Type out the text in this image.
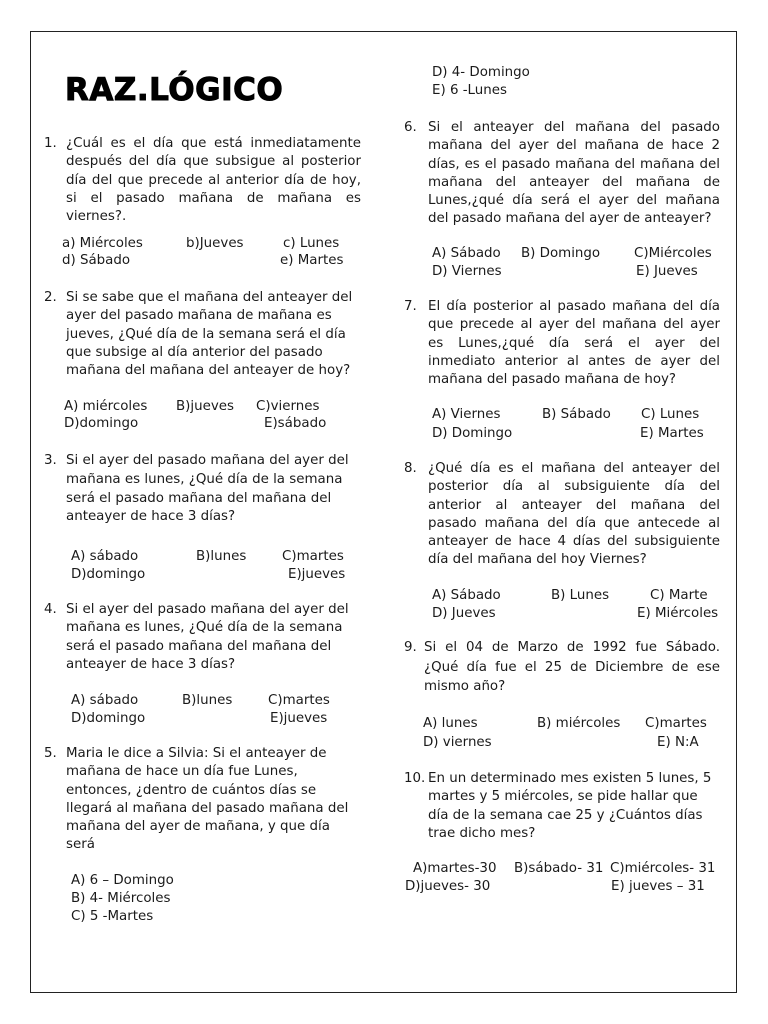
RAZ.LÓGICO
1. ¿Cuál es el día que está inmediatamente después del día que subsigue al posterior día del que precede al anterior día de hoy, si el pasado mañana de mañana es viernes?.
a) Miércoles	b)Jueves	c) Lunes
d) Sábado	e) Martes
2. Si se sabe que el mañana del anteayer del ayer del pasado mañana de mañana es jueves, ¿Qué día de la semana será el día que subsige al día anterior del pasado mañana del mañana del anteayer de hoy?
A) miércoles B)jueves C)viernes
D)domingo	E)sábado
3. Si el ayer del pasado mañana del ayer del mañana es lunes, ¿Qué día de la semana será el pasado mañana del mañana del anteayer de hace 3 días?
A) sábado	B)lunes	C)martes
D)domingo	E)jueves
4. Si el ayer del pasado mañana del ayer del mañana es lunes, ¿Qué día de la semana será el pasado mañana del mañana del anteayer de hace 3 días?
A) sábado	B)lunes	C)martes
D)domingo	E)jueves
5. Maria le dice a Silvia: Si el anteayer de mañana de hace un día fue Lunes, entonces, ¿dentro de cuántos días se llegará al mañana del pasado mañana del mañana del ayer de mañana, y que día será
A) 6 – Domingo
B) 4- Miércoles
C) 5 -Martes
D) 4- Domingo
E) 6 -Lunes
6. Si el anteayer del mañana del pasado mañana del ayer del mañana de hace 2 días, es el pasado mañana del mañana del mañana del anteayer del mañana de Lunes,¿qué día será el ayer del mañana del pasado mañana del ayer de anteayer?
A) Sábado B) Domingo	C)Miércoles
D) Viernes	E) Jueves
7. El día posterior al pasado mañana del día que precede al ayer del mañana del ayer es Lunes,¿qué día será el ayer del inmediato anterior al antes de ayer del mañana del pasado mañana de hoy?
A) Viernes	B) Sábado C) Lunes
D) Domingo	E) Martes
8. ¿Qué día es el mañana del anteayer del posterior día al subsiguiente día del anterior al anteayer del mañana del pasado mañana del día que antecede al anteayer de hace 4 días del subsiguiente día del mañana del hoy Viernes?
A) Sábado	B) Lunes	C) Marte
D) Jueves	E) Miércoles
9. Si el 04 de Marzo de 1992 fue Sábado. ¿Qué día fue el 25 de Diciembre de ese mismo año?
A) lunes	B) miércoles C)martes
D) viernes	E) N:A
10. En un determinado mes existen 5 lunes, 5 martes y 5 miércoles, se pide hallar que día de la semana cae 25 y ¿Cuántos días trae dicho mes?
A)martes-30 B)sábado- 31 C)miércoles- 31
D)jueves- 30	E) jueves – 31
